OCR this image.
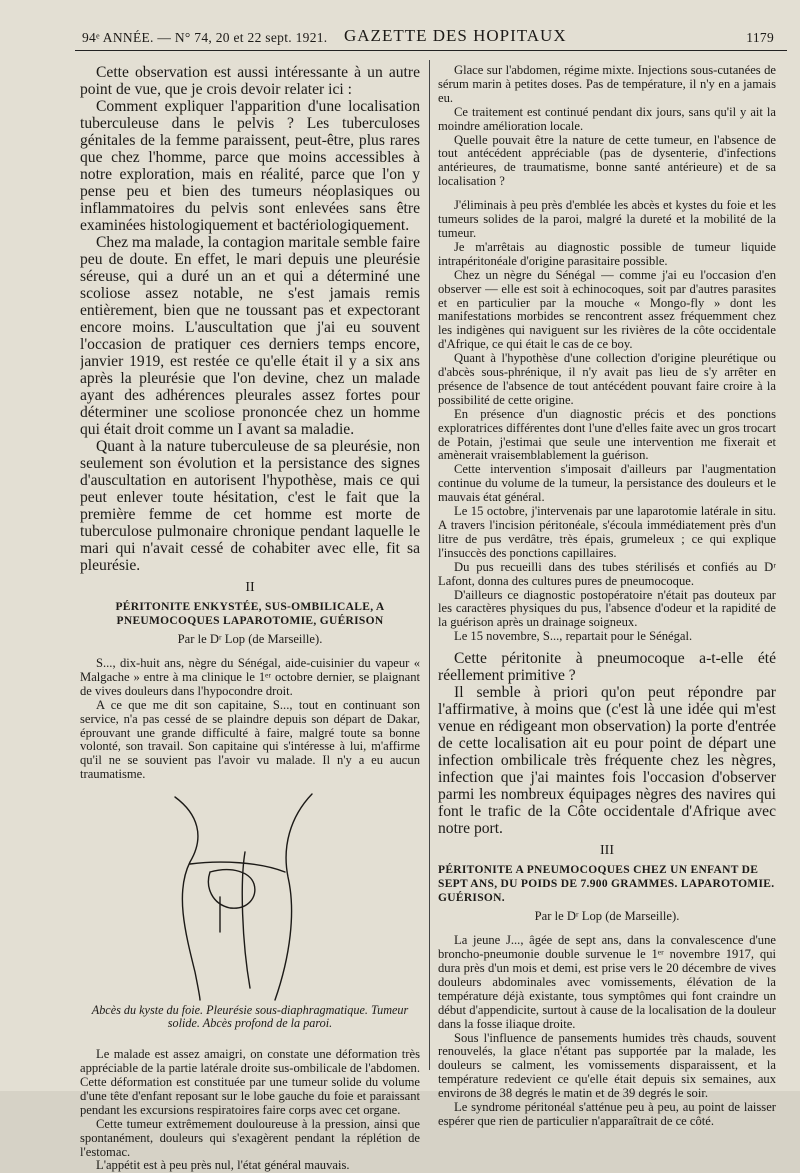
94ᵉ ANNÉE. — N° 74, 20 et 22 sept. 1921. GAZETTE DES HOPITAUX	1179

Cette observation est aussi intéressante à un autre point de vue, que je crois devoir relater ici :

Comment expliquer l'apparition d'une localisation tuberculeuse dans le pelvis ? Les tuberculoses génitales de la femme paraissent, peut-être, plus rares que chez l'homme, parce que moins accessibles à notre exploration, mais en réalité, parce que l'on y pense peu et bien des tumeurs néoplasiques ou inflammatoires du pelvis sont enlevées sans être examinées histologiquement et bactériologiquement.

Chez ma malade, la contagion maritale semble faire peu de doute. En effet, le mari depuis une pleurésie séreuse, qui a duré un an et qui a déterminé une scoliose assez notable, ne s'est jamais remis entièrement, bien que ne toussant pas et expectorant encore moins. L'auscultation que j'ai eu souvent l'occasion de pratiquer ces derniers temps encore, janvier 1919, est restée ce qu'elle était il y a six ans après la pleurésie que l'on devine, chez un malade ayant des adhérences pleurales assez fortes pour déterminer une scoliose prononcée chez un homme qui était droit comme un I avant sa maladie.

Quant à la nature tuberculeuse de sa pleurésie, non seulement son évolution et la persistance des signes d'auscultation en autorisent l'hypothèse, mais ce qui peut enlever toute hésitation, c'est le fait que la première femme de cet homme est morte de tuberculose pulmonaire chronique pendant laquelle le mari qui n'avait cessé de cohabiter avec elle, fit sa pleurésie.

II
PÉRITONITE ENKYSTÉE, SUS-OMBILICALE, A PNEUMOCOQUES LAPAROTOMIE, GUÉRISON
Par le Dʳ Lop (de Marseille).

S..., dix-huit ans, nègre du Sénégal, aide-cuisinier du vapeur « Malgache » entre à ma clinique le 1ᵉʳ octobre dernier, se plaignant de vives douleurs dans l'hypocondre droit.

A ce que me dit son capitaine, S..., tout en continuant son service, n'a pas cessé de se plaindre depuis son départ de Dakar, éprouvant une grande difficulté à faire, malgré toute sa bonne volonté, son travail. Son capitaine qui s'intéresse à lui, m'affirme qu'il ne se souvient pas l'avoir vu malade. Il n'y a eu aucun traumatisme.

Abcès du kyste du foie. Pleurésie sous-diaphragmatique. Tumeur solide. Abcès profond de la paroi.

Le malade est assez amaigri, on constate une déformation très appréciable de la partie latérale droite sus-ombilicale de l'abdomen. Cette déformation est constituée par une tumeur solide du volume d'une tête d'enfant reposant sur le lobe gauche du foie et paraissant pendant les excursions respiratoires faire corps avec cet organe.

Cette tumeur extrêmement douloureuse à la pression, ainsi que spontanément, douleurs qui s'exagèrent pendant la réplétion de l'estomac.

L'appétit est à peu près nul, l'état général mauvais.

Glace sur l'abdomen, régime mixte. Injections sous-cutanées de sérum marin à petites doses. Pas de température, il n'y en a jamais eu.

Ce traitement est continué pendant dix jours, sans qu'il y ait la moindre amélioration locale.

Quelle pouvait être la nature de cette tumeur, en l'absence de tout antécédent appréciable (pas de dysenterie, d'infections antérieures, de traumatisme, bonne santé antérieure) et de sa localisation ?

J'éliminais à peu près d'emblée les abcès et kystes du foie et les tumeurs solides de la paroi, malgré la dureté et la mobilité de la tumeur.

Je m'arrêtais au diagnostic possible de tumeur liquide intrapéritonéale d'origine parasitaire possible.

Chez un nègre du Sénégal — comme j'ai eu l'occasion d'en observer — elle est soit à echinocoques, soit par d'autres parasites et en particulier par la mouche « Mongo-fly » dont les manifestations morbides se rencontrent assez fréquemment chez les indigènes qui naviguent sur les rivières de la côte occidentale d'Afrique, ce qui était le cas de ce boy.

Quant à l'hypothèse d'une collection d'origine pleurétique ou d'abcès sous-phrénique, il n'y avait pas lieu de s'y arrêter en présence de l'absence de tout antécédent pouvant faire croire à la possibilité de cette origine.

En présence d'un diagnostic précis et des ponctions exploratrices différentes dont l'une d'elles faite avec un gros trocart de Potain, j'estimai que seule une intervention me fixerait et amènerait vraisemblablement la guérison.

Cette intervention s'imposait d'ailleurs par l'augmentation continue du volume de la tumeur, la persistance des douleurs et le mauvais état général.

Le 15 octobre, j'intervenais par une laparotomie latérale in situ. A travers l'incision péritonéale, s'écoula immédiatement près d'un litre de pus verdâtre, très épais, grumeleux ; ce qui explique l'insuccès des ponctions capillaires.

Du pus recueilli dans des tubes stérilisés et confiés au Dʳ Lafont, donna des cultures pures de pneumocoque.

D'ailleurs ce diagnostic postopératoire n'était pas douteux par les caractères physiques du pus, l'absence d'odeur et la rapidité de la guérison après un drainage soigneux.

Le 15 novembre, S..., repartait pour le Sénégal.

Cette péritonite à pneumocoque a-t-elle été réellement primitive ?

Il semble à priori qu'on peut répondre par l'affirmative, à moins que (c'est là une idée qui m'est venue en rédigeant mon observation) la porte d'entrée de cette localisation ait eu pour point de départ une infection ombilicale très fréquente chez les nègres, infection que j'ai maintes fois l'occasion d'observer parmi les nombreux équipages nègres des navires qui font le trafic de la Côte occidentale d'Afrique avec notre port.

III
PÉRITONITE A PNEUMOCOQUES CHEZ UN ENFANT DE SEPT ANS, DU POIDS DE 7.900 GRAMMES. LAPAROTOMIE. GUÉRISON.
Par le Dʳ Lop (de Marseille).

La jeune J..., âgée de sept ans, dans la convalescence d'une broncho-pneumonie double survenue le 1ᵉʳ novembre 1917, qui dura près d'un mois et demi, est prise vers le 20 décembre de vives douleurs abdominales avec vomissements, élévation de la température déjà existante, tous symptômes qui font craindre un début d'appendicite, surtout à cause de la localisation de la douleur dans la fosse iliaque droite.

Sous l'influence de pansements humides très chauds, souvent renouvelés, la glace n'étant pas supportée par la malade, les douleurs se calment, les vomissements disparaissent, et la température redevient ce qu'elle était depuis six semaines, aux environs de 38 degrés le matin et de 39 degrés le soir.

Le syndrome péritonéal s'atténue peu à peu, au point de laisser espérer que rien de particulier n'apparaîtrait de ce côté.
